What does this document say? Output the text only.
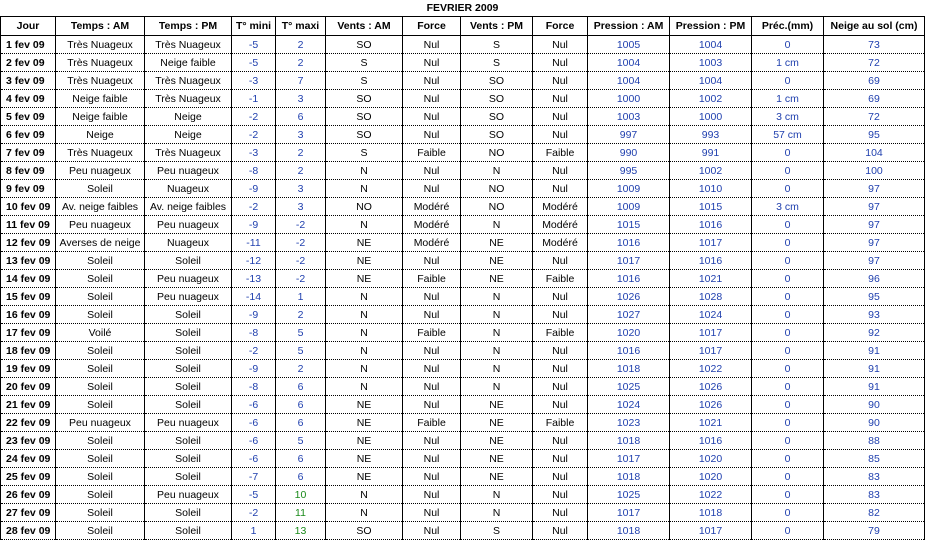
FEVRIER 2009												
Jour	Temps : AM	Temps : PM	T° mini	T° maxi	Vents : AM	Force	Vents : PM	Force	Pression : AM	Pression : PM	Préc.(mm)	Neige au sol (cm)
1 fev 09	Très Nuageux	Très Nuageux	-5	2	SO	Nul	S	Nul	1005	1004	0	73
2 fev 09	Très Nuageux	Neige faible	-5	2	S	Nul	S	Nul	1004	1003	1 cm	72
3 fev 09	Très Nuageux	Très Nuageux	-3	7	S	Nul	SO	Nul	1004	1004	0	69
4 fev 09	Neige faible	Très Nuageux	-1	3	SO	Nul	SO	Nul	1000	1002	1 cm	69
5 fev 09	Neige faible	Neige	-2	6	SO	Nul	SO	Nul	1003	1000	3 cm	72
6 fev 09	Neige	Neige	-2	3	SO	Nul	SO	Nul	997	993	57 cm	95
7 fev 09	Très Nuageux	Très Nuageux	-3	2	S	Faible	NO	Faible	990	991	0	104
8 fev 09	Peu nuageux	Peu nuageux	-8	2	N	Nul	N	Nul	995	1002	0	100
9 fev 09	Soleil	Nuageux	-9	3	N	Nul	NO	Nul	1009	1010	0	97
10 fev 09	Av. neige faibles	Av. neige faibles	-2	3	NO	Modéré	NO	Modéré	1009	1015	3 cm	97
11 fev 09	Peu nuageux	Peu nuageux	-9	-2	N	Modéré	N	Modéré	1015	1016	0	97
12 fev 09	Averses de neige	Nuageux	-11	-2	NE	Modéré	NE	Modéré	1016	1017	0	97
13 fev 09	Soleil	Soleil	-12	-2	NE	Nul	NE	Nul	1017	1016	0	97
14 fev 09	Soleil	Peu nuageux	-13	-2	NE	Faible	NE	Faible	1016	1021	0	96
15 fev 09	Soleil	Peu nuageux	-14	1	N	Nul	N	Nul	1026	1028	0	95
16 fev 09	Soleil	Soleil	-9	2	N	Nul	N	Nul	1027	1024	0	93
17 fev 09	Voilé	Soleil	-8	5	N	Faible	N	Faible	1020	1017	0	92
18 fev 09	Soleil	Soleil	-2	5	N	Nul	N	Nul	1016	1017	0	91
19 fev 09	Soleil	Soleil	-9	2	N	Nul	N	Nul	1018	1022	0	91
20 fev 09	Soleil	Soleil	-8	6	N	Nul	N	Nul	1025	1026	0	91
21 fev 09	Soleil	Soleil	-6	6	NE	Nul	NE	Nul	1024	1026	0	90
22 fev 09	Peu nuageux	Peu nuageux	-6	6	NE	Faible	NE	Faible	1023	1021	0	90
23 fev 09	Soleil	Soleil	-6	5	NE	Nul	NE	Nul	1018	1016	0	88
24 fev 09	Soleil	Soleil	-6	6	NE	Nul	NE	Nul	1017	1020	0	85
25 fev 09	Soleil	Soleil	-7	6	NE	Nul	NE	Nul	1018	1020	0	83
26 fev 09	Soleil	Peu nuageux	-5	10	N	Nul	N	Nul	1025	1022	0	83
27 fev 09	Soleil	Soleil	-2	11	N	Nul	N	Nul	1017	1018	0	82
28 fev 09	Soleil	Soleil	1	13	SO	Nul	S	Nul	1018	1017	0	79
